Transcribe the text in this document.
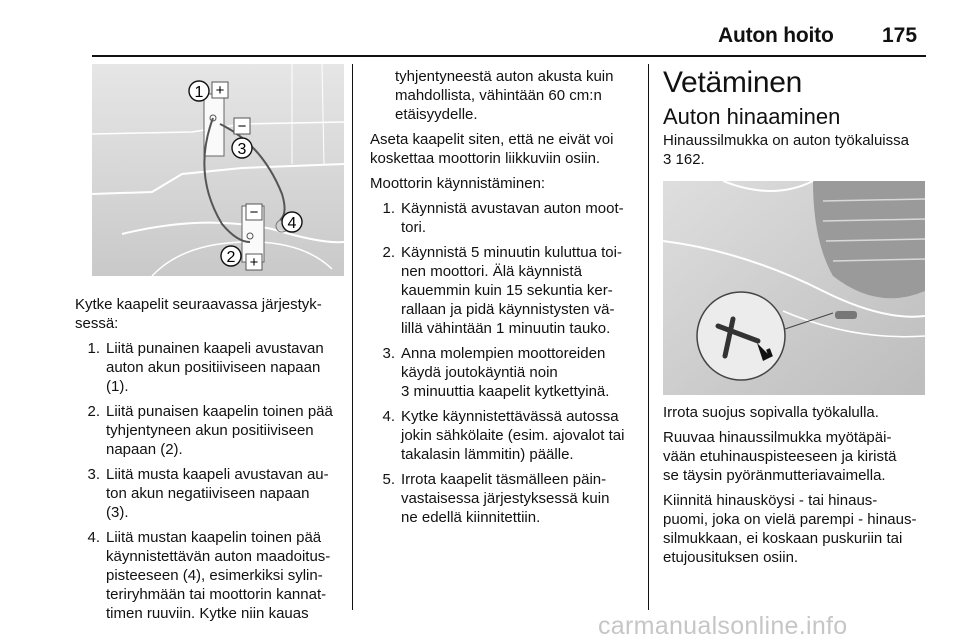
Auton hoito 175
+
−
−
+
1
3
4
2

Kytke kaapelit seuraavassa järjestyk-
sessä:

1. Liitä punainen kaapeli avustavan
auton akun positiiviseen napaan
(1).
2. Liitä punaisen kaapelin toinen pää
tyhjentyneen akun positiiviseen
napaan (2).
3. Liitä musta kaapeli avustavan au-
ton akun negatiiviseen napaan
(3).
4. Liitä mustan kaapelin toinen pää
käynnistettävän auton maadoitus-
pisteeseen (4), esimerkiksi sylin-
teriryhmään tai moottorin kannat-
timen ruuviin. Kytke niin kauas

tyhjentyneestä auton akusta kuin
mahdollista, vähintään 60 cm:n
etäisyydelle.

Aseta kaapelit siten, että ne eivät voi
koskettaa moottorin liikkuviin osiin.

Moottorin käynnistäminen:

1. Käynnistä avustavan auton moot-
tori.
2. Käynnistä 5 minuutin kuluttua toi-
nen moottori. Älä käynnistä
kauemmin kuin 15 sekuntia ker-
rallaan ja pidä käynnistysten vä-
lillä vähintään 1 minuutin tauko.
3. Anna molempien moottoreiden
käydä joutokäyntiä noin
3 minuuttia kaapelit kytkettyinä.
4. Kytke käynnistettävässä autossa
jokin sähkölaite (esim. ajovalot tai
takalasin lämmitin) päälle.
5. Irrota kaapelit täsmälleen päin-
vastaisessa järjestyksessä kuin
ne edellä kiinnitettiin.
Vetäminen
Auton hinaaminen

Hinaussilmukka on auton työkaluissa
3 162.

Irrota suojus sopivalla työkalulla.

Ruuvaa hinaussilmukka myötäpäi-
vään etuhinauspisteeseen ja kiristä
se täysin pyöränmutteriavaimella.

Kiinnitä hinausköysi - tai hinaus-
puomi, joka on vielä parempi - hinaus-
silmukkaan, ei koskaan puskuriin tai
etujousituksen osiin.

carmanualsonline.info
